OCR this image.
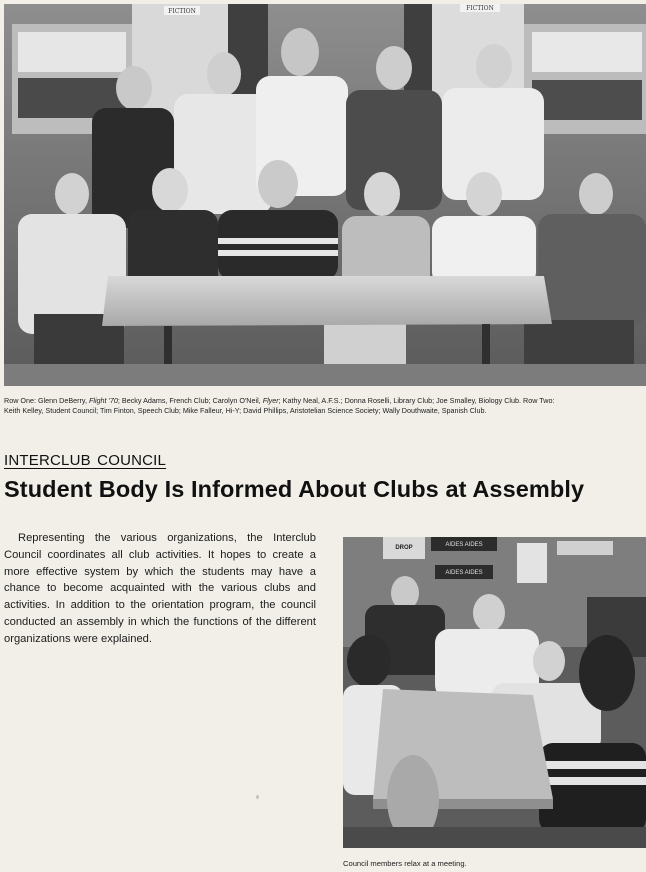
FICTION	FICTION
Row One: Glenn DeBerry, Flight '70; Becky Adams, French Club; Carolyn O'Neil, Flyer; Kathy Neal, A.F.S.; Donna Roselli, Library Club; Joe Smalley, Biology Club. Row Two:
Keith Kelley, Student Council; Tim Finton, Speech Club; Mike Falleur, Hi-Y; David Phillips, Aristotelian Science Society; Wally Douthwaite, Spanish Club.
INTERCLUB COUNCIL
Student Body Is Informed About Clubs at Assembly

Representing the various organizations, the Interclub Council coordinates all club activities. It hopes to create a more effective system by which the students may have a chance to become acquainted with the various clubs and activities. In addition to the orientation program, the council conducted an assembly in which the functions of the different organizations were explained.

DROP	AIDES AIDES
AIDES AIDES
Council members relax at a meeting.
